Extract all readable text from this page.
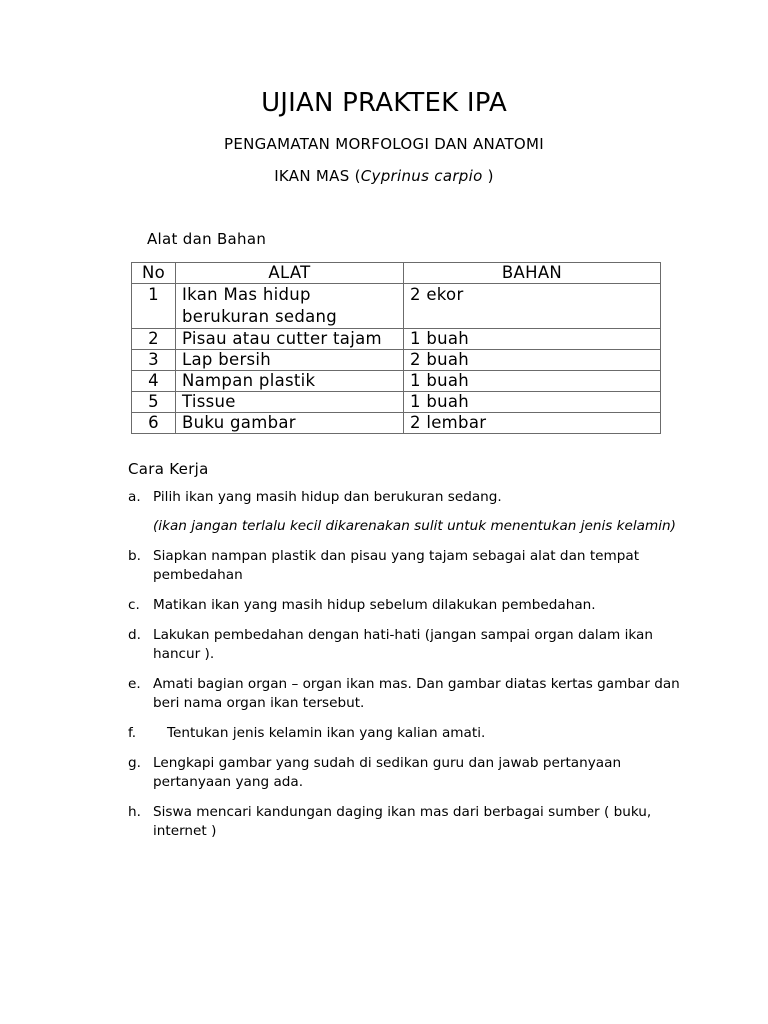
UJIAN PRAKTEK IPA
PENGAMATAN MORFOLOGI DAN ANATOMI
IKAN MAS (Cyprinus carpio )
Alat dan Bahan
No	ALAT	BAHAN
1	Ikan Mas hidup berukuran sedang	2 ekor
2	Pisau atau cutter tajam	1 buah
3	Lap bersih	2 buah
4	Nampan plastik	1 buah
5	Tissue	1 buah
6	Buku gambar	2 lembar
Cara Kerja
a. Pilih ikan yang masih hidup dan berukuran sedang.
(ikan jangan terlalu kecil dikarenakan sulit untuk menentukan jenis kelamin)
b. Siapkan nampan plastik dan pisau yang tajam sebagai alat dan tempat pembedahan
c. Matikan ikan yang masih hidup sebelum dilakukan pembedahan.
d. Lakukan pembedahan dengan hati-hati (jangan sampai organ dalam ikan hancur ).
e. Amati bagian organ – organ ikan mas. Dan gambar diatas kertas gambar dan beri nama organ ikan tersebut.
f. Tentukan jenis kelamin ikan yang kalian amati.
g. Lengkapi gambar yang sudah di sedikan guru dan jawab pertanyaan pertanyaan yang ada.
h. Siswa mencari kandungan daging ikan mas dari berbagai sumber ( buku, internet )
